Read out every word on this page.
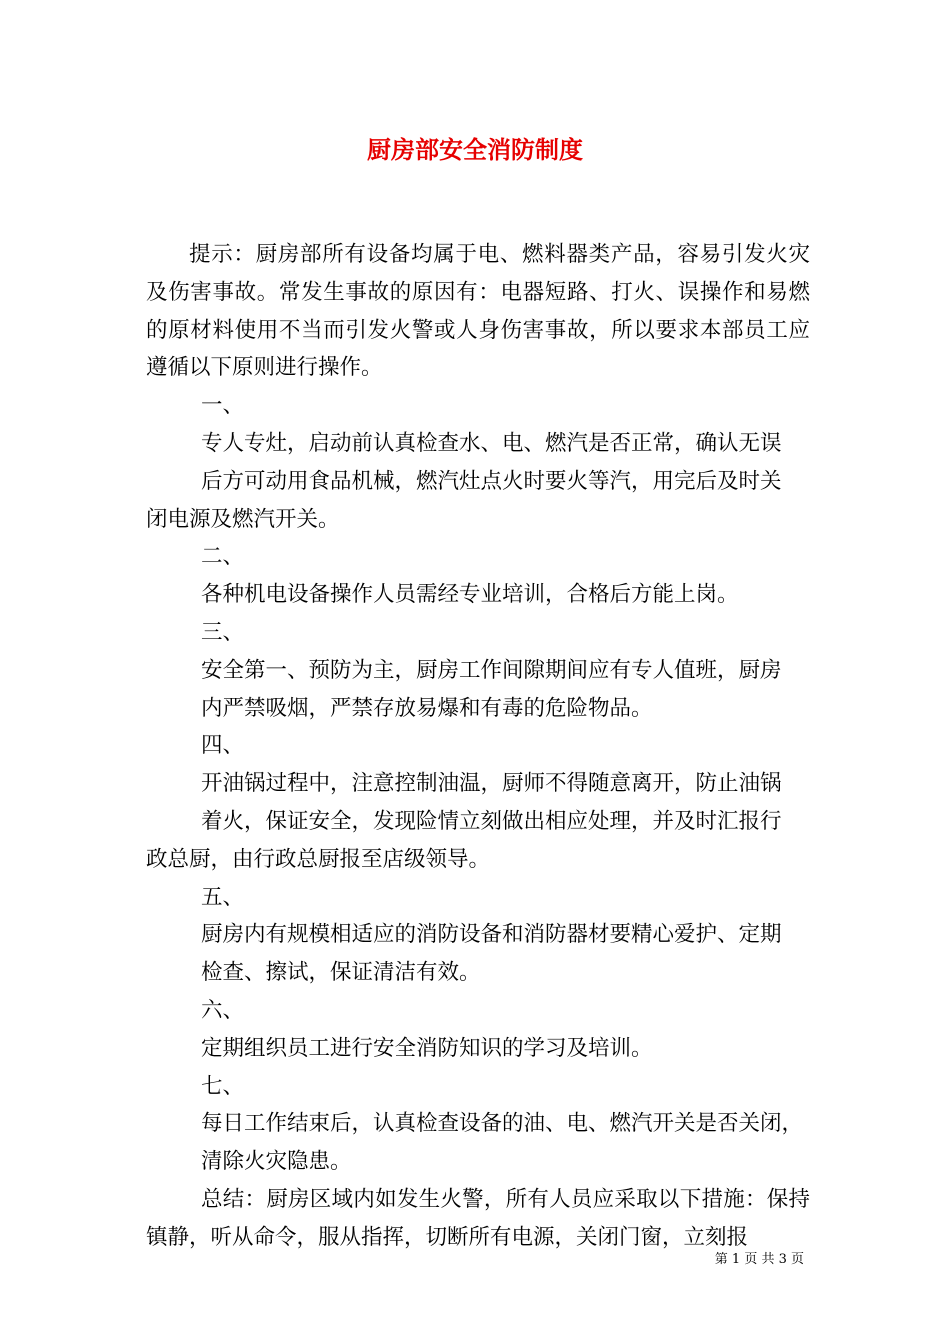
厨房部安全消防制度

提示：厨房部所有设备均属于电、燃料器类产品，容易引发火灾及伤害事故。常发生事故的原因有：电器短路、打火、误操作和易燃的原材料使用不当而引发火警或人身伤害事故，所以要求本部员工应遵循以下原则进行操作。

一、

专人专灶，启动前认真检查水、电、燃汽是否正常，确认无误

后方可动用食品机械，燃汽灶点火时要火等汽，用完后及时关

闭电源及燃汽开关。

二、

各种机电设备操作人员需经专业培训，合格后方能上岗。

三、

安全第一、预防为主，厨房工作间隙期间应有专人值班，厨房

内严禁吸烟，严禁存放易爆和有毒的危险物品。

四、

开油锅过程中，注意控制油温，厨师不得随意离开，防止油锅

着火，保证安全，发现险情立刻做出相应处理，并及时汇报行

政总厨，由行政总厨报至店级领导。

五、

厨房内有规模相适应的消防设备和消防器材要精心爱护、定期

检查、擦试，保证清洁有效。

六、

定期组织员工进行安全消防知识的学习及培训。

七、

每日工作结束后，认真检查设备的油、电、燃汽开关是否关闭，

清除火灾隐患。

总结：厨房区域内如发生火警，所有人员应采取以下措施：保持镇静，听从命令，服从指挥，切断所有电源，关闭门窗，立刻报

第 1 页 共 3 页
